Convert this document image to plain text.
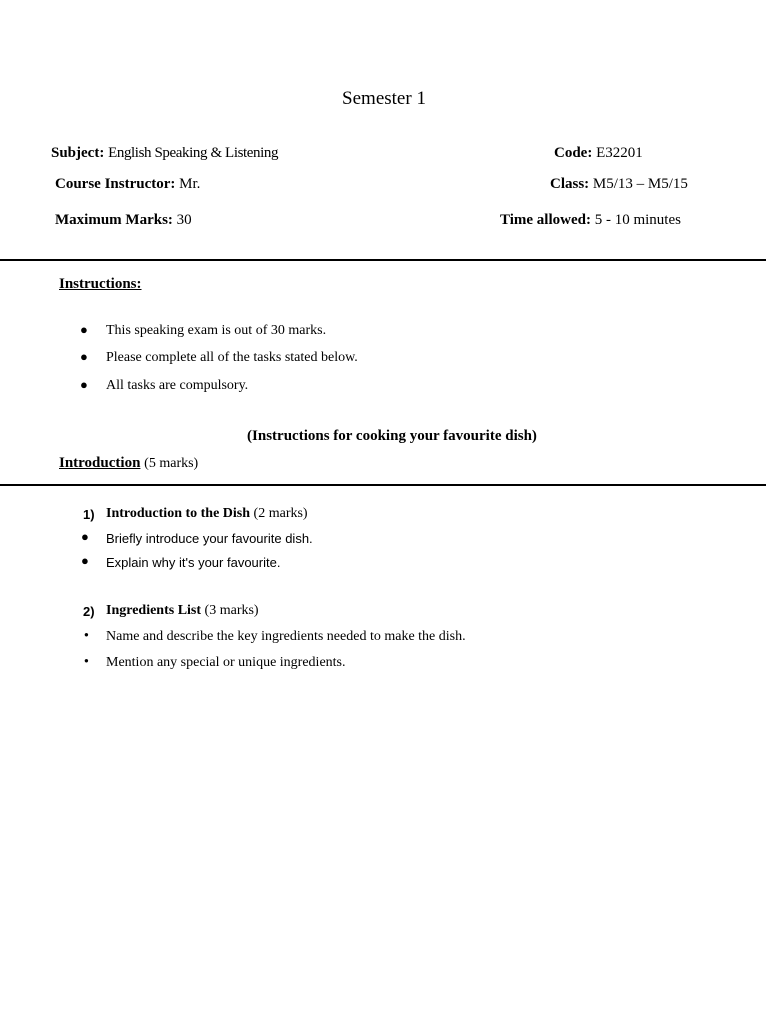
Semester 1
Subject: English Speaking & Listening	Code: E32201
Course Instructor: Mr.	Class: M5/13 – M5/15
Maximum Marks: 30	Time allowed: 5 - 10 minutes
Instructions:
● This speaking exam is out of 30 marks.
● Please complete all of the tasks stated below.
● All tasks are compulsory.
(Instructions for cooking your favourite dish)
Introduction (5 marks)
1) Introduction to the Dish (2 marks)
● Briefly introduce your favourite dish.
● Explain why it's your favourite.
2) Ingredients List (3 marks)
● Name and describe the key ingredients needed to make the dish.
● Mention any special or unique ingredients.
